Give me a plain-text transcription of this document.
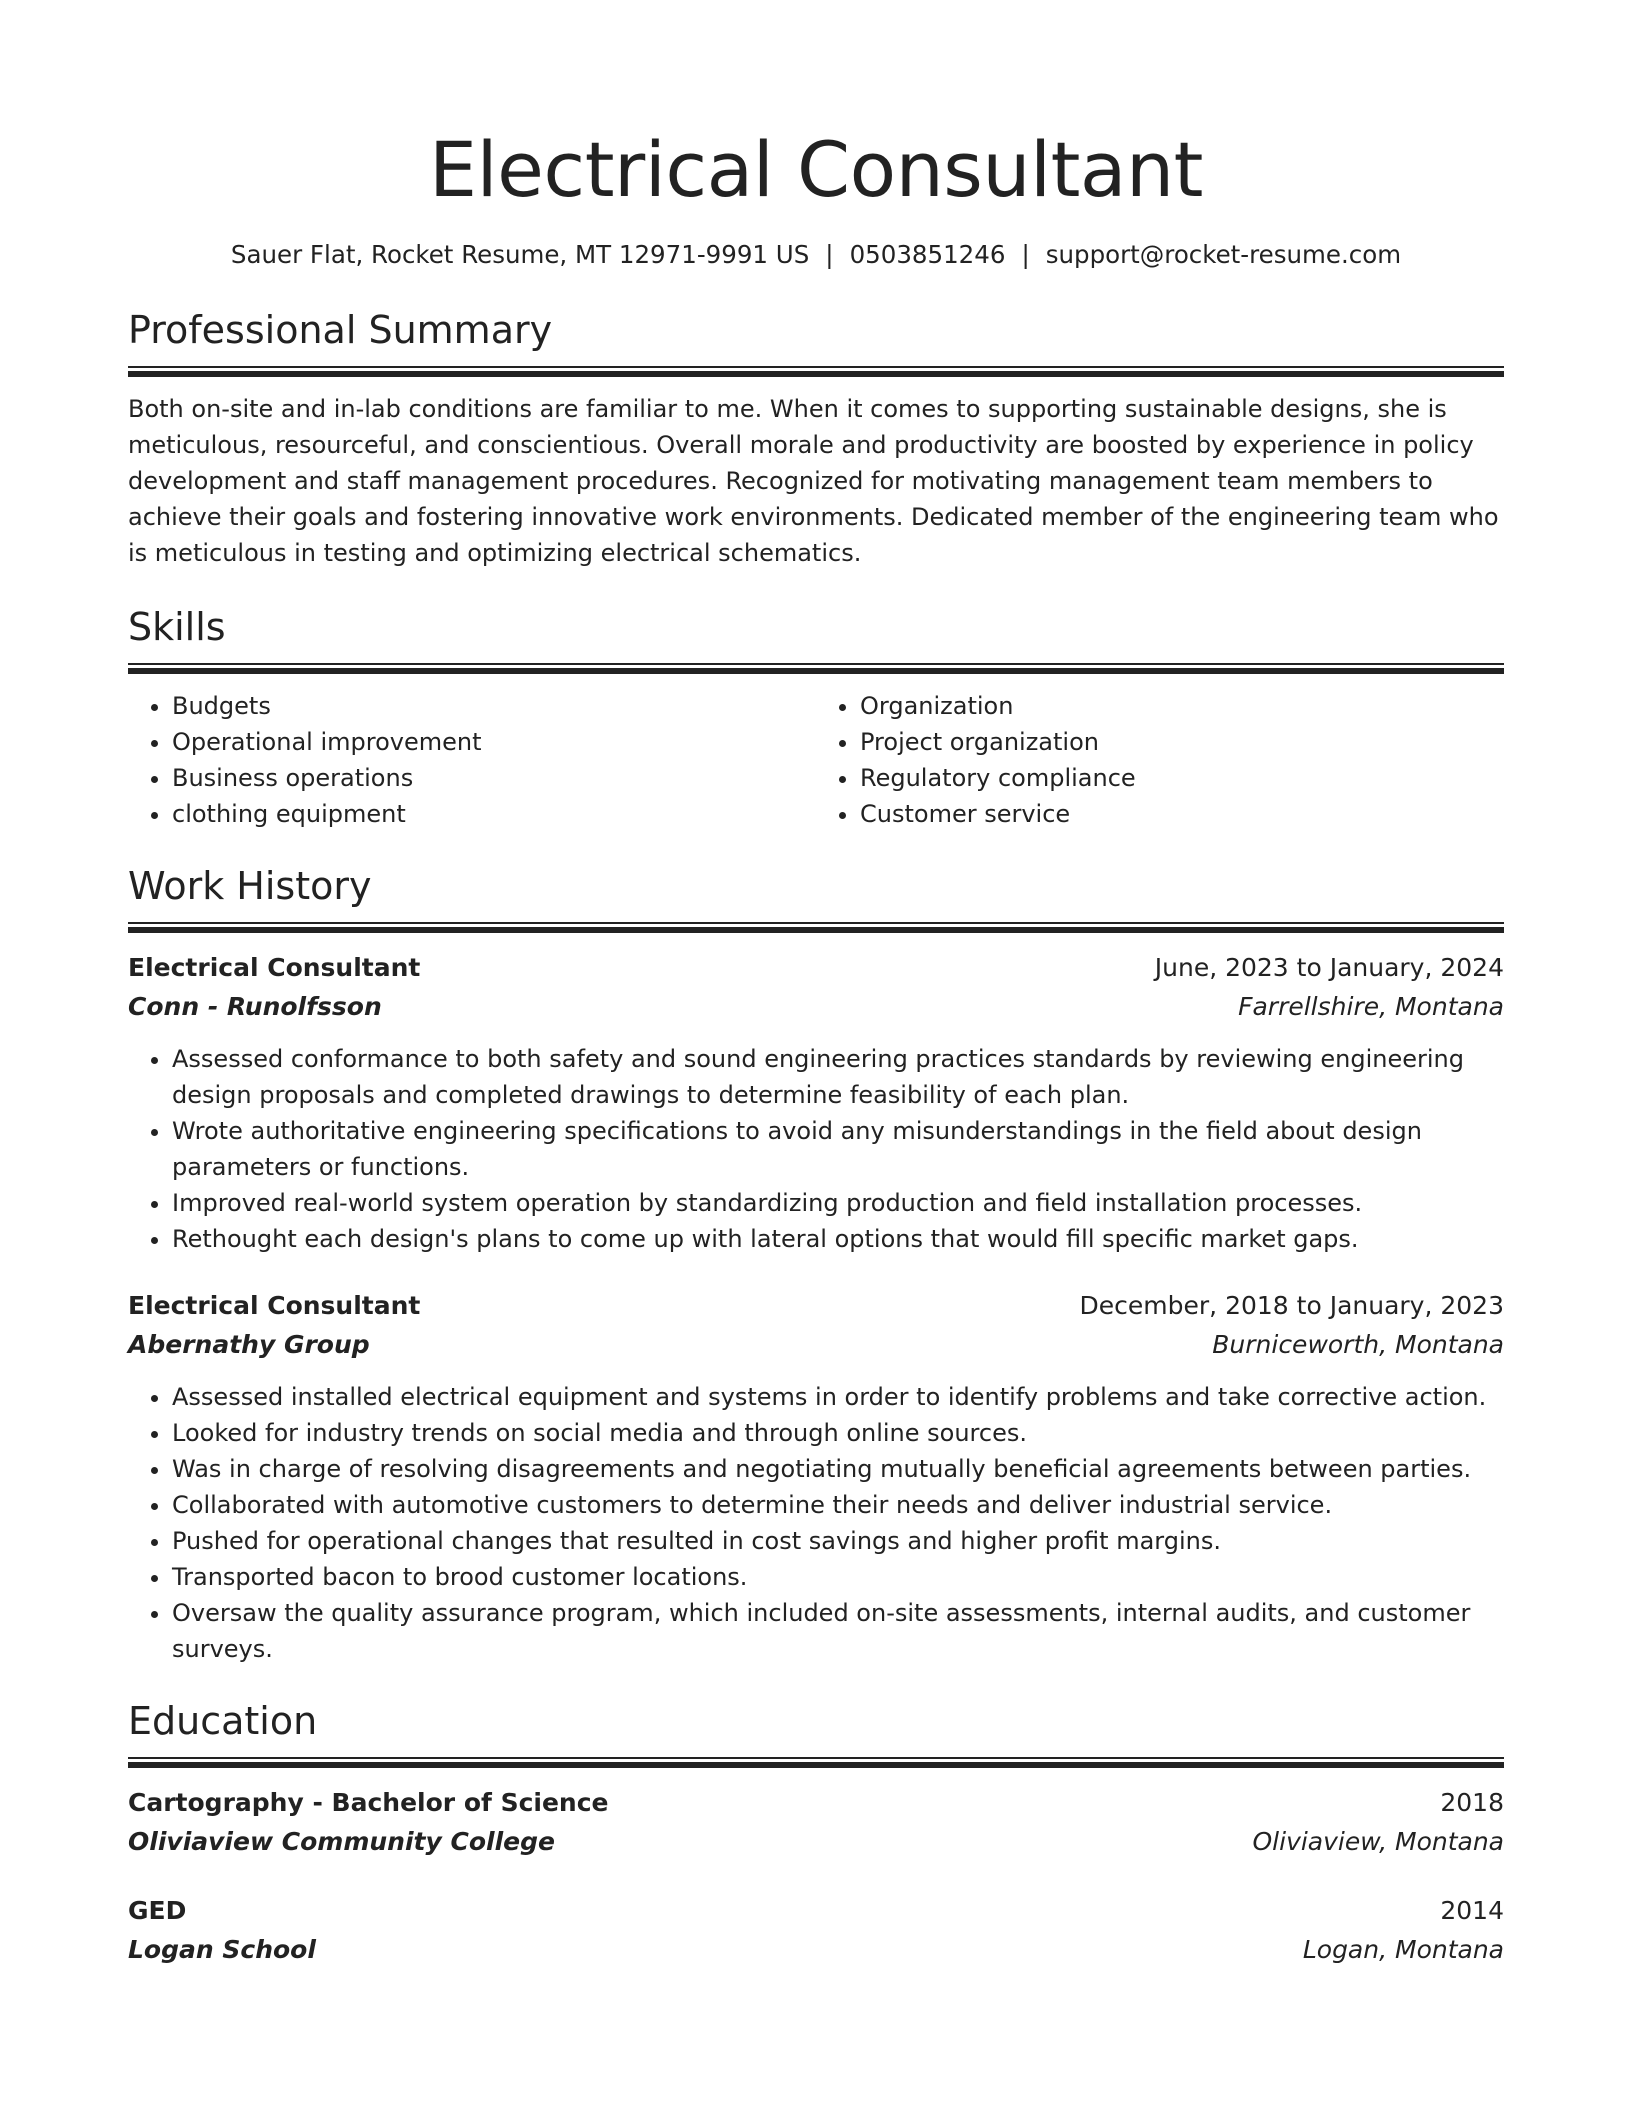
Electrical Consultant
Sauer Flat, Rocket Resume, MT 12971-9991 US | 0503851246 | support@rocket-resume.com
Professional Summary
Both on-site and in-lab conditions are familiar to me. When it comes to supporting sustainable designs, she is meticulous, resourceful, and conscientious. Overall morale and productivity are boosted by experience in policy development and staff management procedures. Recognized for motivating management team members to achieve their goals and fostering innovative work environments. Dedicated member of the engineering team who is meticulous in testing and optimizing electrical schematics.
Skills
• Budgets
• Operational improvement
• Business operations
• clothing equipment
• Organization
• Project organization
• Regulatory compliance
• Customer service
Work History
Electrical Consultant	June, 2023 to January, 2024
Conn - Runolfsson	Farrellshire, Montana
• Assessed conformance to both safety and sound engineering practices standards by reviewing engineering design proposals and completed drawings to determine feasibility of each plan.
• Wrote authoritative engineering specifications to avoid any misunderstandings in the field about design parameters or functions.
• Improved real-world system operation by standardizing production and field installation processes.
• Rethought each design's plans to come up with lateral options that would fill specific market gaps.
Electrical Consultant	December, 2018 to January, 2023
Abernathy Group	Burniceworth, Montana
• Assessed installed electrical equipment and systems in order to identify problems and take corrective action.
• Looked for industry trends on social media and through online sources.
• Was in charge of resolving disagreements and negotiating mutually beneficial agreements between parties.
• Collaborated with automotive customers to determine their needs and deliver industrial service.
• Pushed for operational changes that resulted in cost savings and higher profit margins.
• Transported bacon to brood customer locations.
• Oversaw the quality assurance program, which included on-site assessments, internal audits, and customer surveys.
Education
Cartography - Bachelor of Science	2018
Oliviaview Community College	Oliviaview, Montana
GED	2014
Logan School	Logan, Montana
